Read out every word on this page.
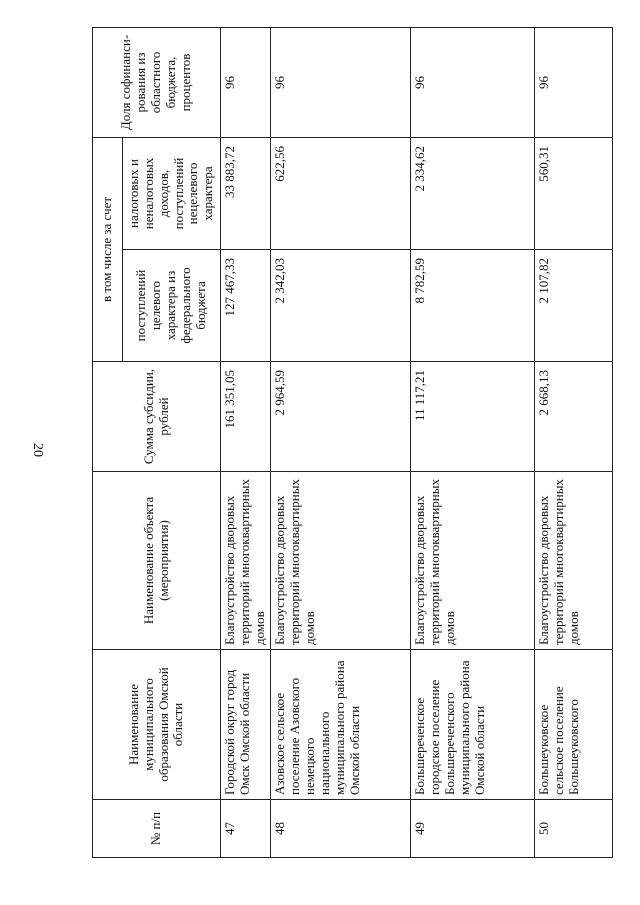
20
№ п/п	Наименование муниципального образования Омской области	Наименование объекта (мероприятия)	Сумма субсидии, рублей	в том числе за счет		Доля софинанси-рования из областного бюджета, процентов
				поступлений целевого характера из федерального бюджета	налоговых и неналоговых доходов, поступлений нецелевого характера	
47	Городской округ город Омск Омской области	Благоустройство дворовых территорий многоквартирных домов	161 351,05	127 467,33	33 883,72	96
48	Азовское сельское поселение Азовского немецкого национального муниципального района Омской области	Благоустройство дворовых территорий многоквартирных домов	2 964,59	2 342,03	622,56	96
49	Большереченское городское поселение Большереченского муниципального района Омской области	Благоустройство дворовых территорий многоквартирных домов	11 117,21	8 782,59	2 334,62	96
50	Большеуковское сельское поселение Большеуковского	Благоустройство дворовых территорий многоквартирных домов	2 668,13	2 107,82	560,31	96
